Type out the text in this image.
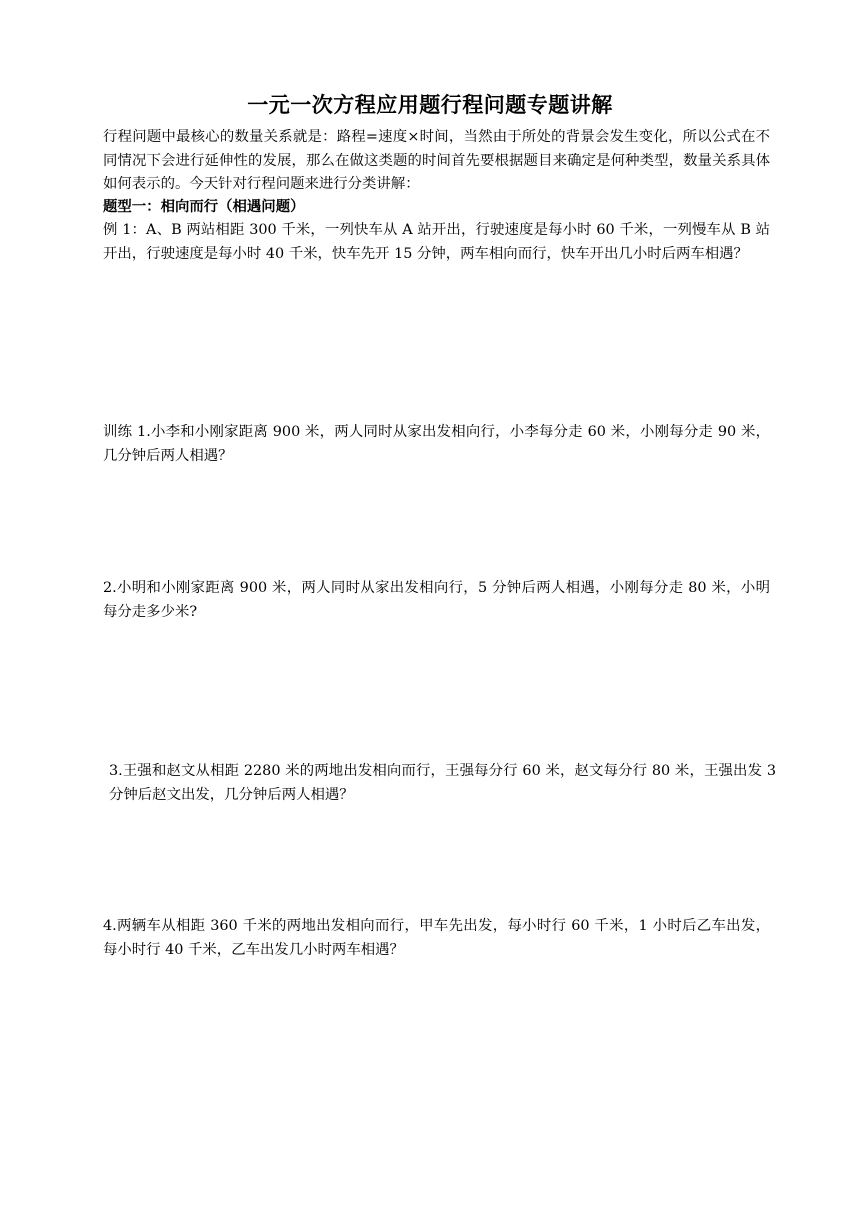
一元一次方程应用题行程问题专题讲解
行程问题中最核心的数量关系就是：路程=速度×时间，当然由于所处的背景会发生变化，所以公式在不同情况下会进行延伸性的发展，那么在做这类题的时间首先要根据题目来确定是何种类型，数量关系具体如何表示的。今天针对行程问题来进行分类讲解：
题型一：相向而行（相遇问题）
例 1：A、B 两站相距 300 千米，一列快车从 A 站开出，行驶速度是每小时 60 千米，一列慢车从 B 站开出，行驶速度是每小时 40 千米，快车先开 15 分钟，两车相向而行，快车开出几小时后两车相遇？
训练 1.小李和小刚家距离 900 米，两人同时从家出发相向行，小李每分走 60 米，小刚每分走 90 米，几分钟后两人相遇？
2.小明和小刚家距离 900 米，两人同时从家出发相向行，5 分钟后两人相遇，小刚每分走 80 米，小明每分走多少米?
3.王强和赵文从相距 2280 米的两地出发相向而行，王强每分行 60 米，赵文每分行 80 米，王强出发 3 分钟后赵文出发，几分钟后两人相遇？
4.两辆车从相距 360 千米的两地出发相向而行，甲车先出发，每小时行 60 千米，1 小时后乙车出发，每小时行 40 千米，乙车出发几小时两车相遇？
